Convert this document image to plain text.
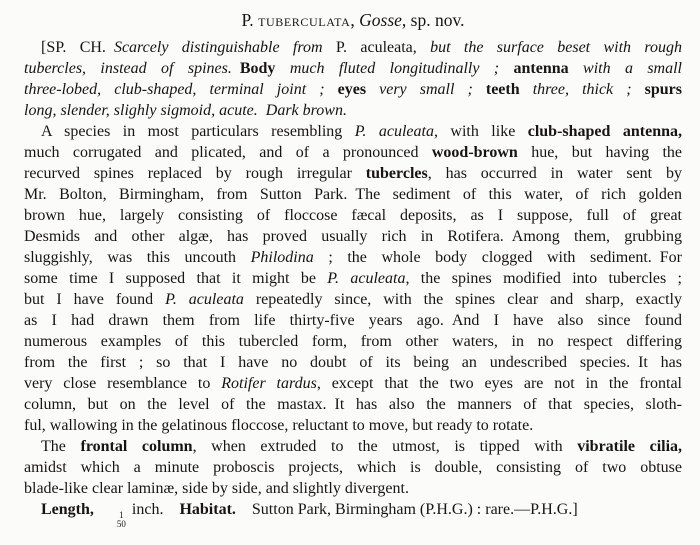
P. tuberculata, Gosse, sp. nov.
[SP. CH. Scarcely distinguishable from P. aculeata, but the surface beset with rough
tubercles, instead of spines. Body much fluted longitudinally ; antenna with a small
three-lobed, club-shaped, terminal joint ; eyes very small ; teeth three, thick ; spurs
long, slender, slighly sigmoid, acute. Dark brown.
A species in most particulars resembling P. aculeata, with like club-shaped antenna,
much corrugated and plicated, and of a pronounced wood-brown hue, but having the
recurved spines replaced by rough irregular tubercles, has occurred in water sent by
Mr. Bolton, Birmingham, from Sutton Park. The sediment of this water, of rich golden
brown hue, largely consisting of floccose fæcal deposits, as I suppose, full of great
Desmids and other algæ, has proved usually rich in Rotifera. Among them, grubbing
sluggishly, was this uncouth Philodina ; the whole body clogged with sediment. For
some time I supposed that it might be P. aculeata, the spines modified into tubercles ;
but I have found P. aculeata repeatedly since, with the spines clear and sharp, exactly
as I had drawn them from life thirty-five years ago. And I have also since found
numerous examples of this tubercled form, from other waters, in no respect differing
from the first ; so that I have no doubt of its being an undescribed species. It has
very close resemblance to Rotifer tardus, except that the two eyes are not in the frontal
column, but on the level of the mastax. It has also the manners of that species, sloth-
ful, wallowing in the gelatinous floccose, reluctant to move, but ready to rotate.
The frontal column, when extruded to the utmost, is tipped with vibratile cilia,
amidst which a minute proboscis projects, which is double, consisting of two obtuse
blade-like clear laminæ, side by side, and slightly divergent.
Length,	1
50
inch. Habitat. Sutton Park, Birmingham (P.H.G.) : rare.—P.H.G.]
